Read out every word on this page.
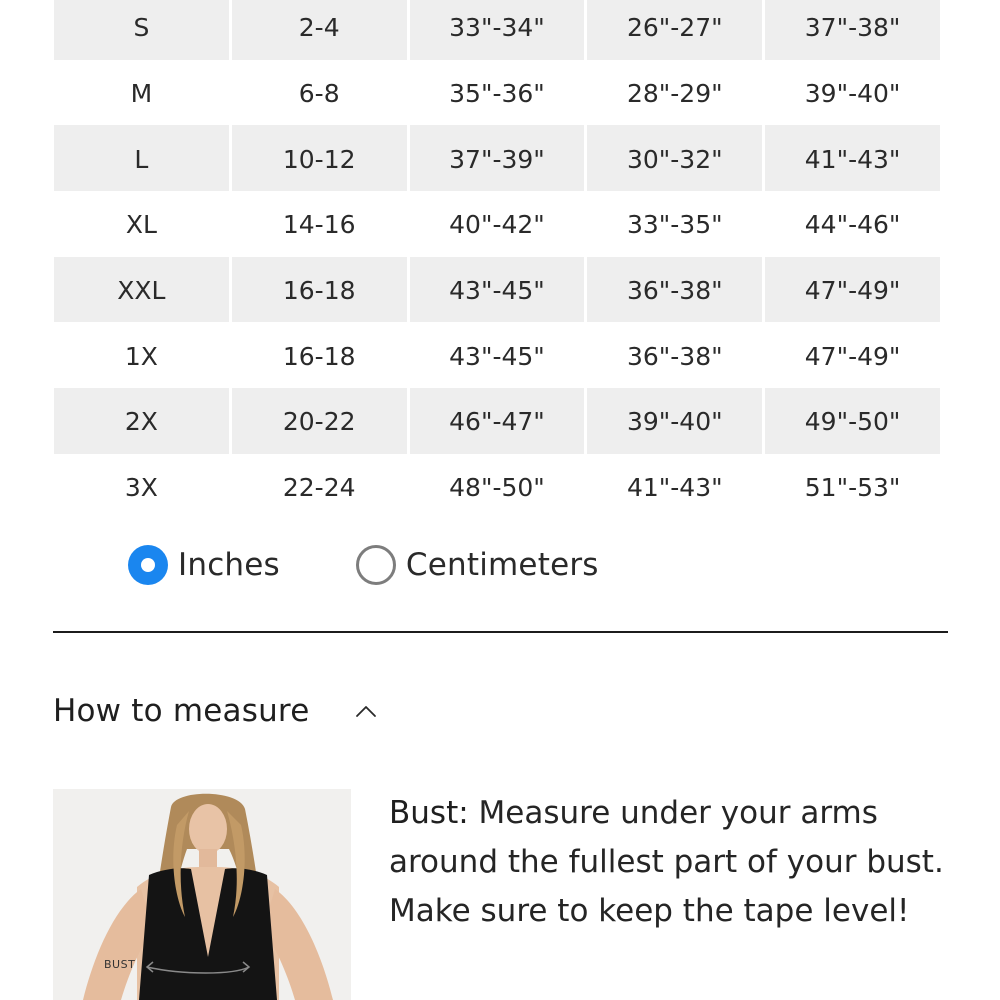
S	2-4	33"-34"	26"-27"	37"-38"
M	6-8	35"-36"	28"-29"	39"-40"
L	10-12	37"-39"	30"-32"	41"-43"
XL	14-16	40"-42"	33"-35"	44"-46"
XXL	16-18	43"-45"	36"-38"	47"-49"
1X	16-18	43"-45"	36"-38"	47"-49"
2X	20-22	46"-47"	39"-40"	49"-50"
3X	22-24	48"-50"	41"-43"	51"-53"
Inches	Centimeters
How to measure
BUST

Bust: Measure under your arms around the fullest part of your bust. Make sure to keep the tape level!
